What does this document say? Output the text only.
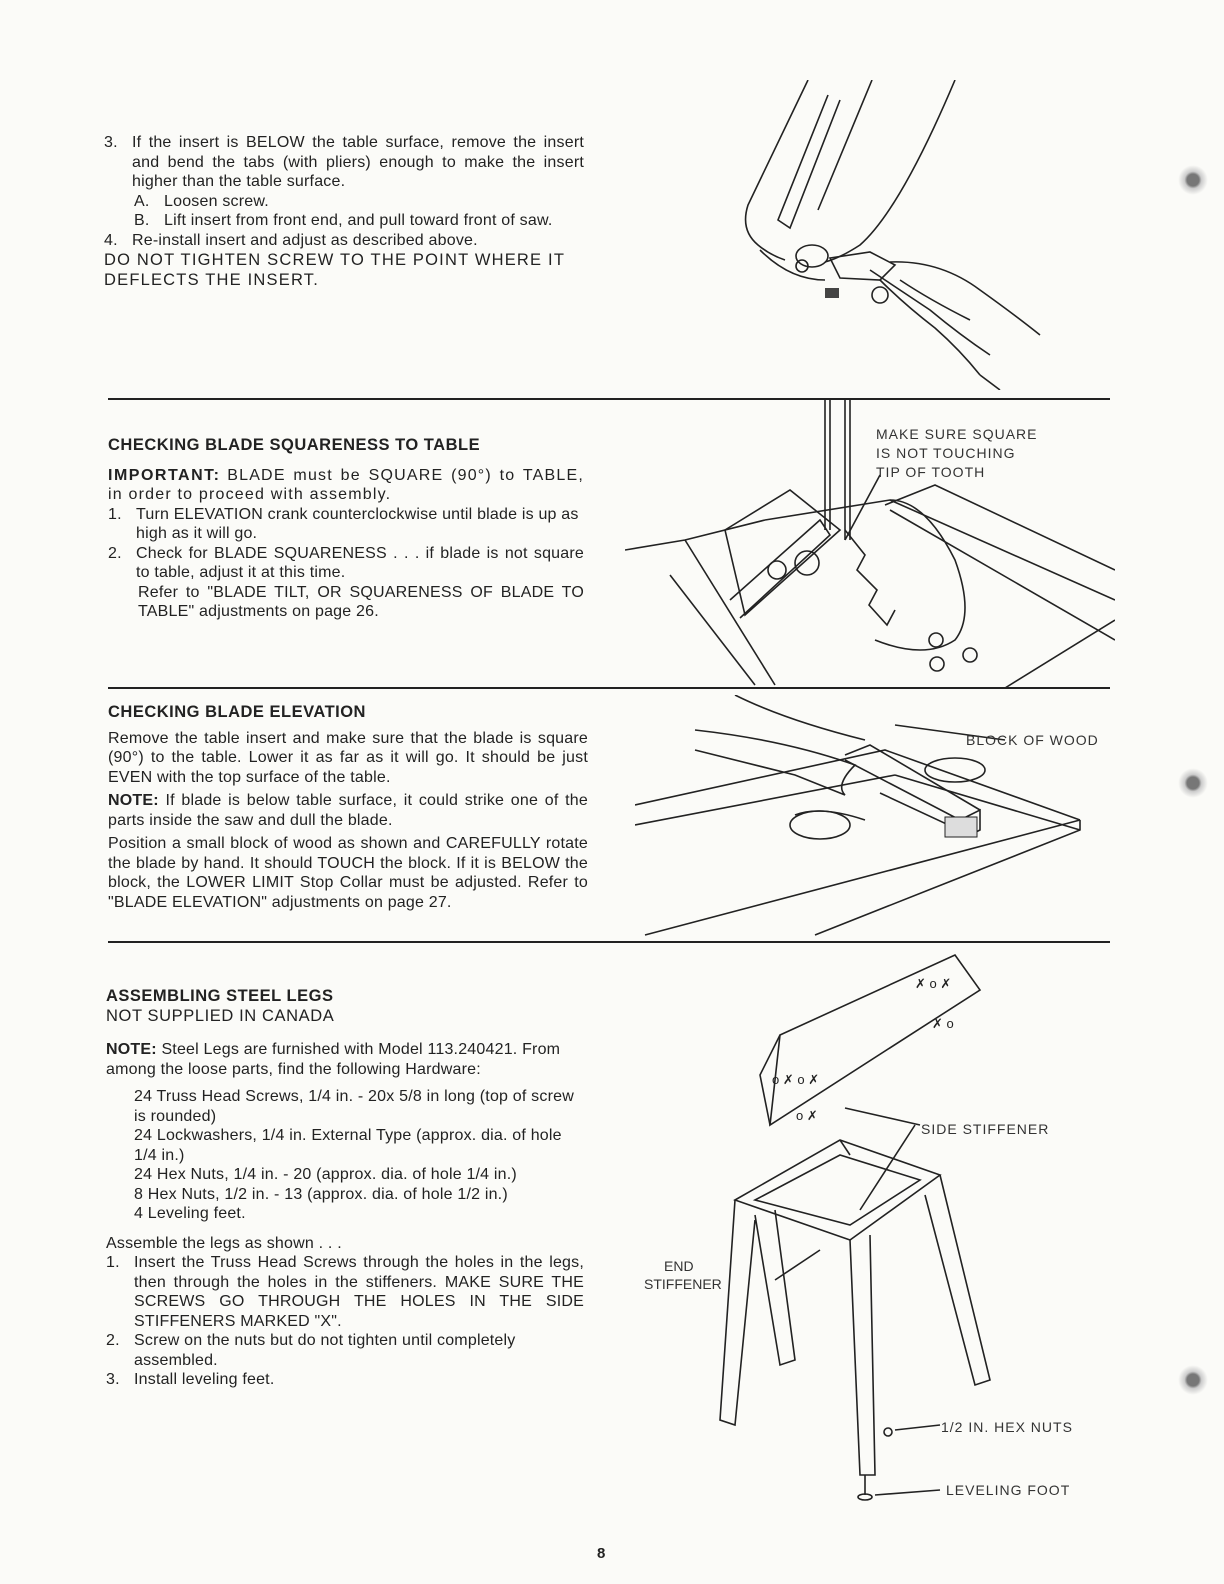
3. If the insert is BELOW the table surface, remove the insert and bend the tabs (with pliers) enough to make the insert higher than the table surface.
A. Loosen screw.
B. Lift insert from front end, and pull toward front of saw.
4. Re-install insert and adjust as described above.
DO NOT TIGHTEN SCREW TO THE POINT WHERE IT DEFLECTS THE INSERT.
CHECKING BLADE SQUARENESS TO TABLE
IMPORTANT: BLADE must be SQUARE (90°) to TABLE, in order to proceed with assembly.
1. Turn ELEVATION crank counterclockwise until blade is up as high as it will go.
2. Check for BLADE SQUARENESS . . . if blade is not square to table, adjust it at this time.
Refer to "BLADE TILT, OR SQUARENESS OF BLADE TO TABLE" adjustments on page 26.
MAKE SURE SQUARE
IS NOT TOUCHING
TIP OF TOOTH
CHECKING BLADE ELEVATION
Remove the table insert and make sure that the blade is square (90°) to the table. Lower it as far as it will go. It should be just EVEN with the top surface of the table.
NOTE: If blade is below table surface, it could strike one of the parts inside the saw and dull the blade.
Position a small block of wood as shown and CAREFULLY rotate the blade by hand. It should TOUCH the block. If it is BELOW the block, the LOWER LIMIT Stop Collar must be adjusted. Refer to "BLADE ELEVATION" adjustments on page 27.
BLOCK OF WOOD
ASSEMBLING STEEL LEGS
NOT SUPPLIED IN CANADA
NOTE: Steel Legs are furnished with Model 113.240421. From among the loose parts, find the following Hardware:
24 Truss Head Screws, 1/4 in. - 20x 5/8 in long (top of screw is rounded)
24 Lockwashers, 1/4 in. External Type (approx. dia. of hole 1/4 in.)
24 Hex Nuts, 1/4 in. - 20 (approx. dia. of hole 1/4 in.)
8 Hex Nuts, 1/2 in. - 13 (approx. dia. of hole 1/2 in.)
4 Leveling feet.
Assemble the legs as shown . . .
1. Insert the Truss Head Screws through the holes in the legs, then through the holes in the stiffeners. MAKE SURE THE SCREWS GO THROUGH THE HOLES IN THE SIDE STIFFENERS MARKED "X".
2. Screw on the nuts but do not tighten until completely assembled.
3. Install leveling feet.
✗ o ✗
✗ o
o ✗ o ✗
o ✗
SIDE STIFFENER
END
STIFFENER
1/2 IN. HEX NUTS
LEVELING FOOT
8
